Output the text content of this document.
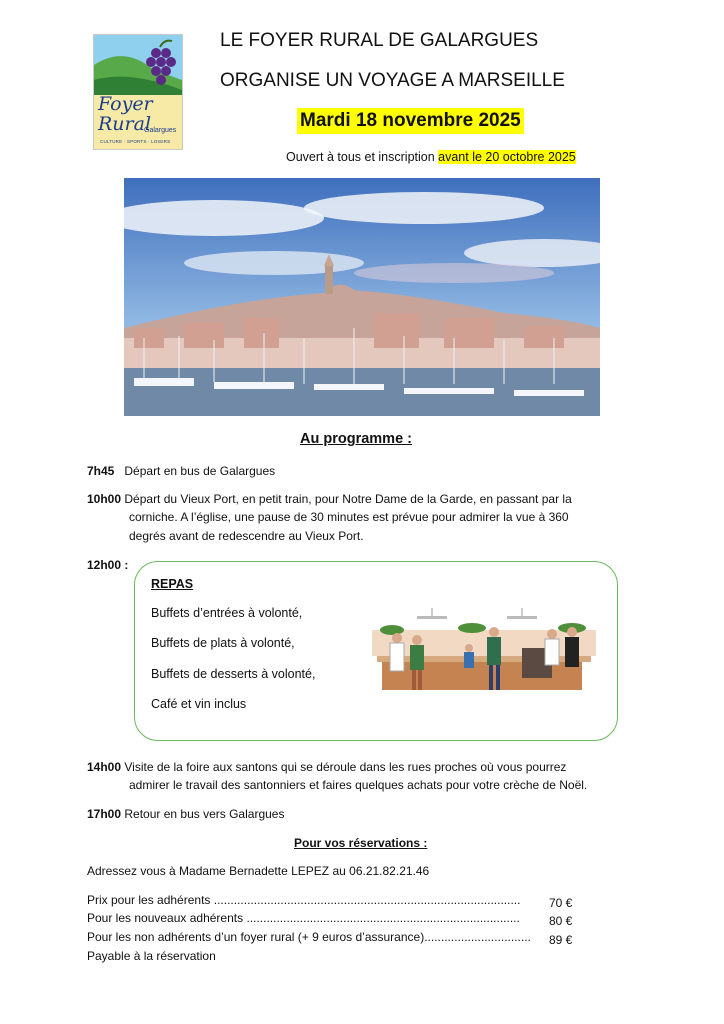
Foyer
Rural
Galargues
CULTURE · SPORTS · LOISIRS
LE FOYER RURAL DE GALARGUES
ORGANISE UN VOYAGE A MARSEILLE
Mardi 18 novembre 2025
Ouvert à tous et inscription avant le 20 octobre 2025
Au programme :
7h45 Départ en bus de Galargues
10h00 Départ du Vieux Port, en petit train, pour Notre Dame de la Garde, en passant par la
corniche. A l’église, une pause de 30 minutes est prévue pour admirer la vue à 360
degrés avant de redescendre au Vieux Port.
12h00 :
REPAS
Buffets d’entrées à volonté,
Buffets de plats à volonté,
Buffets de desserts à volonté,
Café et vin inclus
14h00 Visite de la foire aux santons qui se déroule dans les rues proches où vous pourrez
admirer le travail des santonniers et faires quelques achats pour votre crèche de Noël.
17h00 Retour en bus vers Galargues
Pour vos réservations :
Adressez vous à Madame Bernadette LEPEZ au 06.21.82.21.46
Prix pour les adhérents ............................................................................................ 70 €
Pour les nouveaux adhérents .................................................................................. 80 €
Pour les non adhérents d’un foyer rural (+ 9 euros d’assurance)................................ 89 €
Payable à la réservation
